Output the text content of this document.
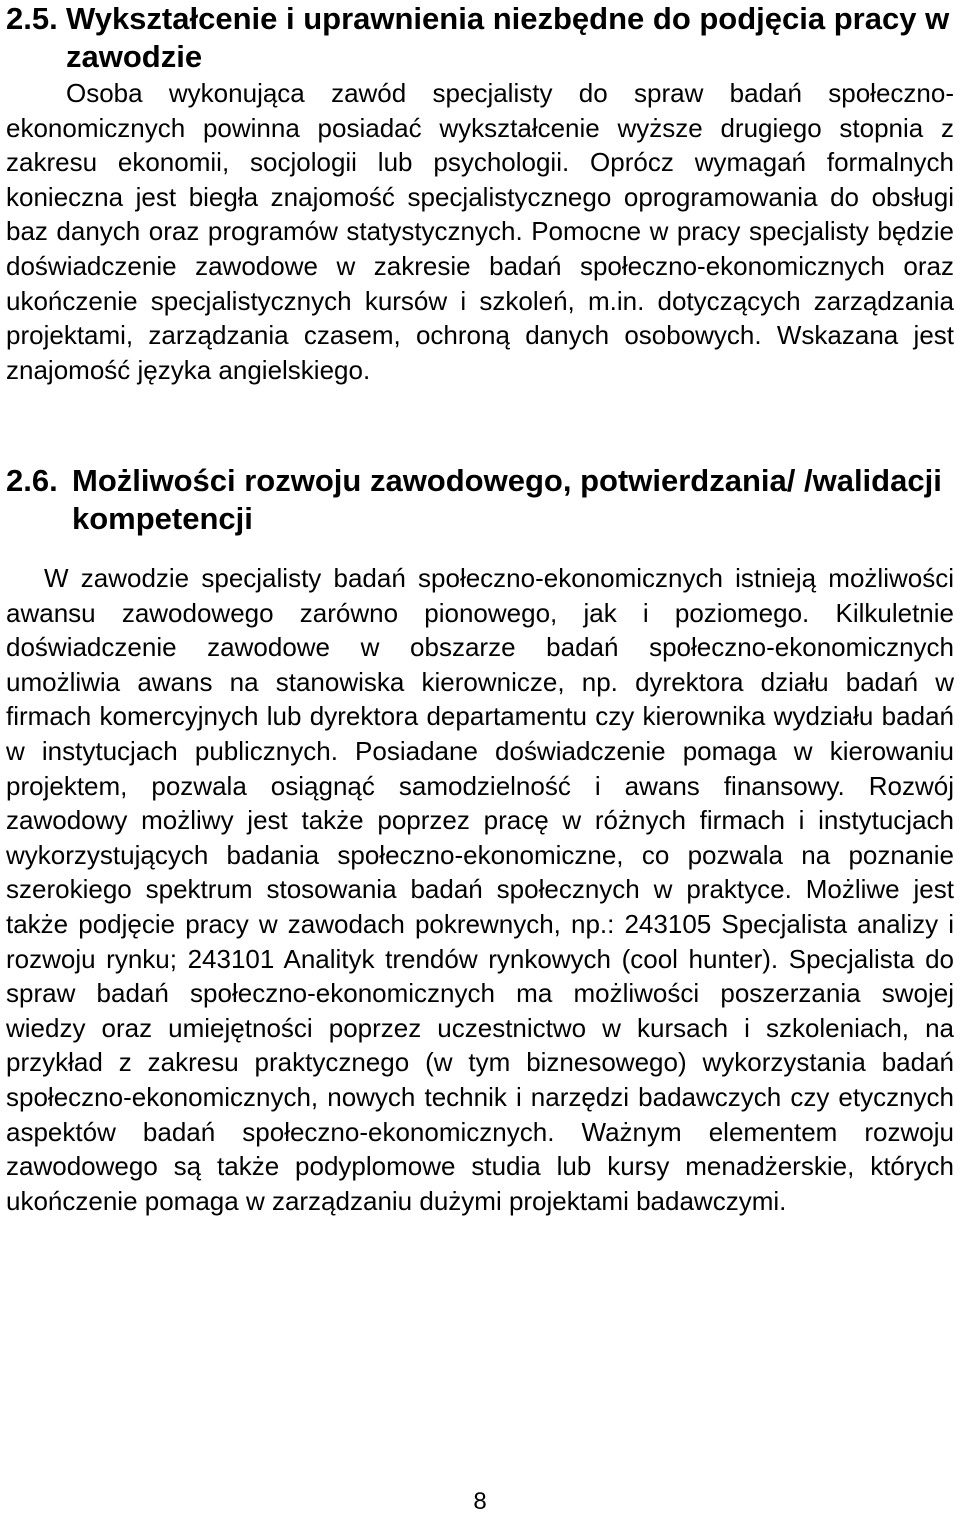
2.5. Wykształcenie i uprawnienia niezbędne do podjęcia pracy w zawodzie

Osoba wykonująca zawód specjalisty do spraw badań społeczno-ekonomicznych powinna posiadać wykształcenie wyższe drugiego stopnia z zakresu ekonomii, socjologii lub psychologii. Oprócz wymagań formalnych konieczna jest biegła znajomość specjalistycznego oprogramowania do obsługi baz danych oraz programów statystycznych. Pomocne w pracy specjalisty będzie doświadczenie zawodowe w zakresie badań społeczno-ekonomicznych oraz ukończenie specjalistycznych kursów i szkoleń, m.in. dotyczących zarządzania projektami, zarządzania czasem, ochroną danych osobowych. Wskazana jest znajomość języka angielskiego.

2.6. Możliwości rozwoju zawodowego, potwierdzania/ /walidacji kompetencji

W zawodzie specjalisty badań społeczno-ekonomicznych istnieją możliwości awansu zawodowego zarówno pionowego, jak i poziomego. Kilkuletnie doświadczenie zawodowe w obszarze badań społeczno-ekonomicznych umożliwia awans na stanowiska kierownicze, np. dyrektora działu badań w firmach komercyjnych lub dyrektora departamentu czy kierownika wydziału badań w instytucjach publicznych. Posiadane doświadczenie pomaga w kierowaniu projektem, pozwala osiągnąć samodzielność i awans finansowy. Rozwój zawodowy możliwy jest także poprzez pracę w różnych firmach i instytucjach wykorzystujących badania społeczno-ekonomiczne, co pozwala na poznanie szerokiego spektrum stosowania badań społecznych w praktyce. Możliwe jest także podjęcie pracy w zawodach pokrewnych, np.: 243105 Specjalista analizy i rozwoju rynku; 243101 Analityk trendów rynkowych (cool hunter). Specjalista do spraw badań społeczno-ekonomicznych ma możliwości poszerzania swojej wiedzy oraz umiejętności poprzez uczestnictwo w kursach i szkoleniach, na przykład z zakresu praktycznego (w tym biznesowego) wykorzystania badań społeczno-ekonomicznych, nowych technik i narzędzi badawczych czy etycznych aspektów badań społeczno-ekonomicznych. Ważnym elementem rozwoju zawodowego są także podyplomowe studia lub kursy menadżerskie, których ukończenie pomaga w zarządzaniu dużymi projektami badawczymi.

8
